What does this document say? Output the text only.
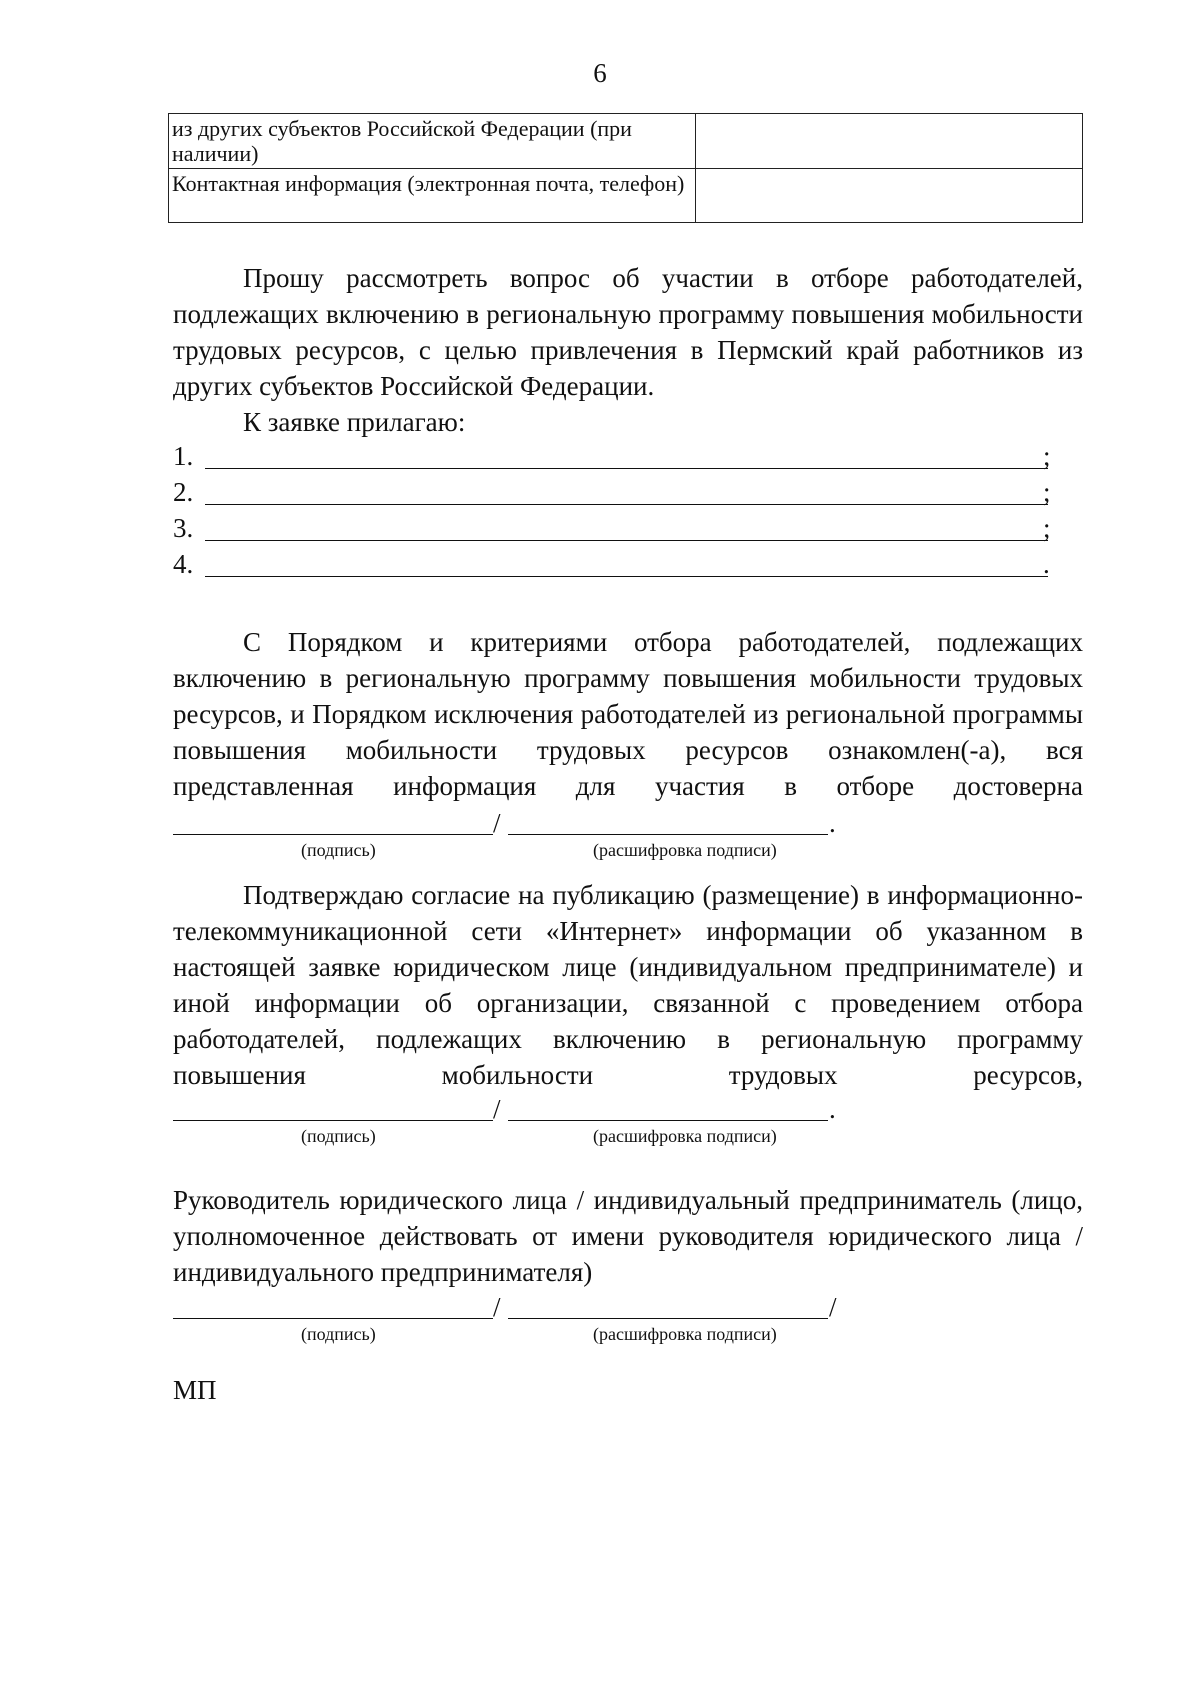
6
из других субъектов Российской Федерации (при наличии)	
Контактная информация (электронная почта, телефон)	
Прошу рассмотреть вопрос об участии в отборе работодателей, подлежащих включению в региональную программу повышения мобильности трудовых ресурсов, с целью привлечения в Пермский край работников из других субъектов Российской Федерации.
К заявке прилагаю:
1.	;
2.	;
3.	;
4.	.
С Порядком и критериями отбора работодателей, подлежащих включению в региональную программу повышения мобильности трудовых ресурсов, и Порядком исключения работодателей из региональной программы повышения мобильности трудовых ресурсов ознакомлен(-а), вся представленная информация для участия в отборе достоверна
/	.
(подпись)	(расшифровка подписи)
Подтверждаю согласие на публикацию (размещение) в информационно-телекоммуникационной сети «Интернет» информации об указанном в настоящей заявке юридическом лице (индивидуальном предпринимателе) и иной информации об организации, связанной с проведением отбора работодателей, подлежащих включению в региональную программу повышения мобильности трудовых ресурсов,
/	.
(подпись)	(расшифровка подписи)
Руководитель юридического лица / индивидуальный предприниматель (лицо, уполномоченное действовать от имени руководителя юридического лица / индивидуального предпринимателя)
/	/
(подпись)	(расшифровка подписи)
МП
